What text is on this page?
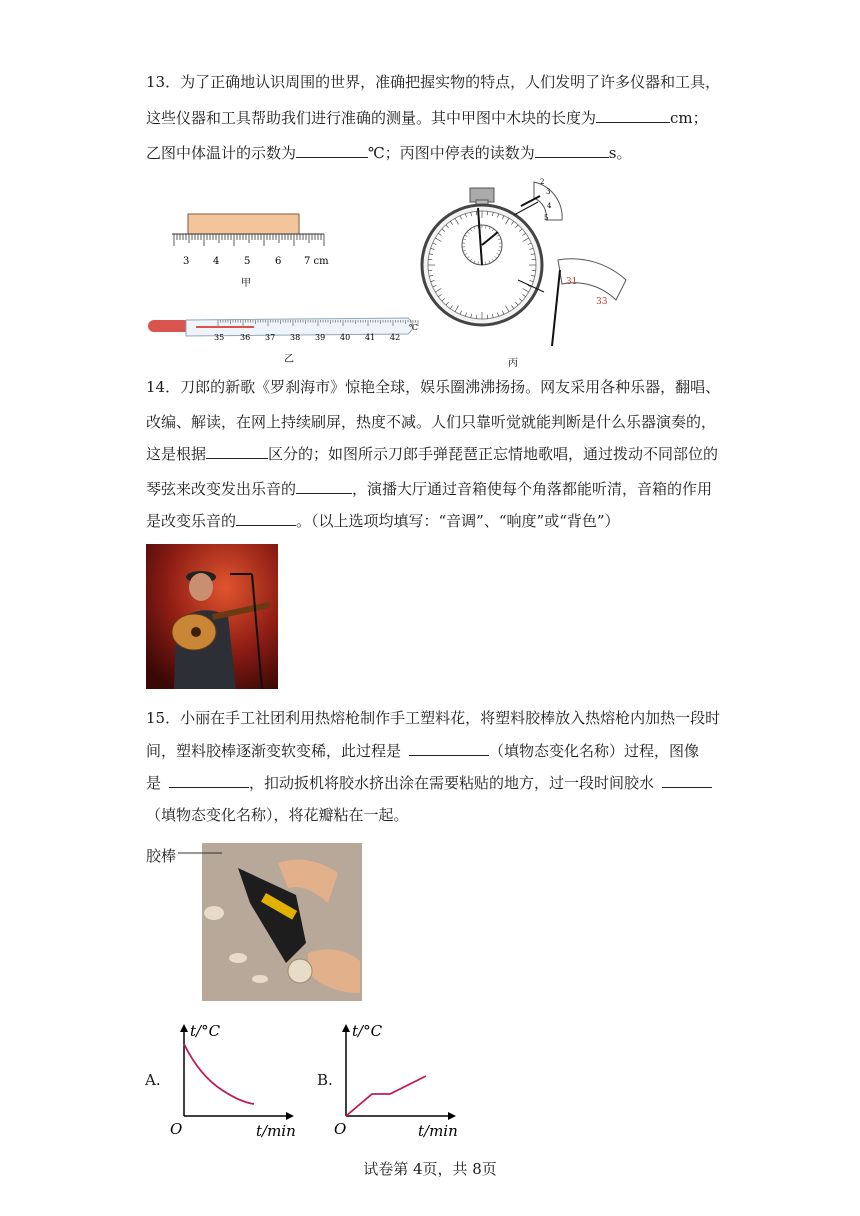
13．为了正确地认识周围的世界，准确把握实物的特点，人们发明了许多仪器和工具，
这些仪器和工具帮助我们进行准确的测量。其中甲图中木块的长度为	cm；
乙图中体温计的示数为	℃；丙图中停表的读数为	s。
3 4 5 6 7 cm
甲
℃
35 36 37 38 39 40 41 42
乙
2
3
4
5
31
33
丙
14．刀郎的新歌《罗刹海市》惊艳全球，娱乐圈沸沸扬扬。网友采用各种乐器，翻唱、
改编、解读，在网上持续刷屏，热度不减。人们只靠听觉就能判断是什么乐器演奏的，
这是根据	区分的；如图所示刀郎手弹琵琶正忘情地歌唱，通过拨动不同部位的
琴弦来改变发出乐音的	，演播大厅通过音箱使每个角落都能听清，音箱的作用
是改变乐音的	。（以上选项均填写：“音调”、“响度”或“背色”）
15．小丽在手工社团利用热熔枪制作手工塑料花，将塑料胶棒放入热熔枪内加热一段时
间，塑料胶棒逐渐变软变稀，此过程是	（填物态变化名称）过程，图像
是	，扣动扳机将胶水挤出涂在需要粘贴的地方，过一段时间胶水
（填物态变化名称），将花瓣粘在一起。
胶棒
A.
t/°C
O	t/min
B.
t/°C
O	t/min
试卷第 4页，共 8页
